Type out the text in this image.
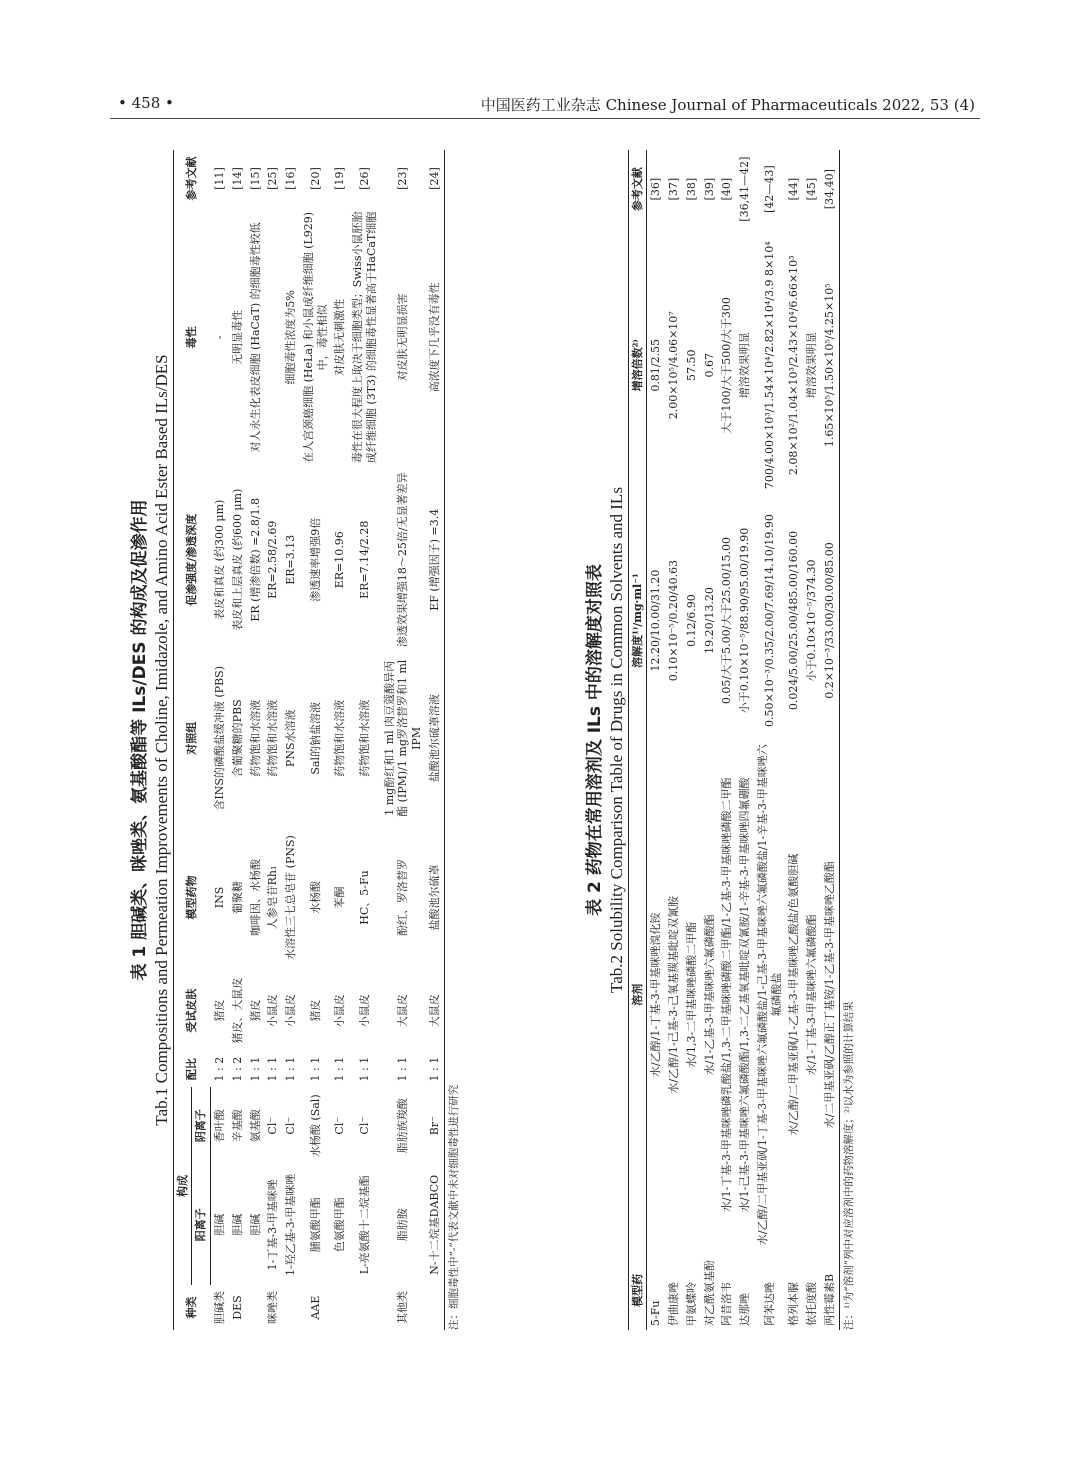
• 458 •	中国医药工业杂志 Chinese Journal of Pharmaceuticals 2022, 53 (4)

表 1 胆碱类、咪唑类、氨基酸酯等 ILs/DES 的构成及促渗作用 Tab.1 Compositions and Permeation Improvements of Choline, Imidazole, and Amino Acid Ester Based ILs/DES

种类	构成		配比	受试皮肤	模型药物	对照组	促渗强度/渗透深度	毒性	参考文献
	阳离子	阴离子							
胆碱类	胆碱	香叶酸	1 : 2	猪皮	INS	含INS的磷酸盐缓冲液 (PBS)	表皮和真皮 (约300 μm)	-	[11]
DES	胆碱	辛基酸	1 : 2	猪皮、大鼠皮	葡聚糖	含葡聚糖的PBS	表皮和上层真皮 (约600 μm)	无明显毒性	[14]
	胆碱	氨基酸	1 : 1	猪皮	咖啡因、水杨酸	药物饱和水溶液	ER (增渗倍数) =2.8/1.8	对人永生化表皮细胞 (HaCaT) 的细胞毒性较低	[15]
咪唑类	1-丁基-3-甲基咪唑	Cl⁻	1 : 1	小鼠皮	人参皂苷Rh₁	药物饱和水溶液	ER=2.58/2.69		[25]
	1-羟乙基-3-甲基咪唑	Cl⁻	1 : 1	小鼠皮	水溶性三七总皂苷 (PNS)	PNS水溶液	ER=3.13	细胞毒性浓度为5%	[16]
AAE	脯氨酸甲酯	水杨酸 (Sal)	1 : 1	猪皮	水杨酸	Sal的钠盐溶液	渗透速率增强9倍	在人宫颈癌细胞 (HeLa) 和小鼠成纤维细胞 (L929) 中，毒性相似	[20]
	色氨酸甲酯	Cl⁻	1 : 1	小鼠皮	苯酮	药物饱和水溶液	ER=10.96	对皮肤无刺激性	[19]
	L-亮氨酸十二烷基酯	Cl⁻	1 : 1	小鼠皮	HC、5-Fu	药物饱和水溶液	ER=7.14/2.28	毒性在很大程度上取决于细胞类型；Swiss小鼠胚胎成纤维细胞 (3T3) 的细胞毒性显著高于HaCaT细胞	[26]
其他类	脂肪胺	脂肪族羧酸	1 : 1	大鼠皮	酚红、罗洛替罗	1 mg酚红和1 ml 肉豆蔻酸异丙酯 (IPM)/1 mg罗洛替罗和1 ml IPM	渗透效果增强18～25倍/无显著差异	对皮肤无明显损害	[23]
	N-十二烷基DABCO	Br⁻	1 : 1	大鼠皮	盐酸池尔硫䓬	盐酸池尔硫䓬溶液	EF (增强因子) =3.4	高浓度下几乎没有毒性	[24]
注：细胞毒性中“-”代表文献中未对细胞毒性进行研究

表 2 药物在常用溶剂及 ILs 中的溶解度对照表 Tab.2 Solubility Comparison Table of Drugs in Common Solvents and ILs

模型药	溶剂	溶解度¹⁾/mg·ml⁻¹	增溶倍数²⁾	参考文献
5-Fu	水/乙醇/1-丁基-3-甲基咪唑溴化铵	12.20/10.00/31.20	0.81/2.55	[36]
伊曲康唑	水/乙醇/1-己基-3-己氧基羰基吡啶双氰胺	0.10×10⁻⁵/0.20/40.63	2.00×10⁵/4.06×10⁷	[37]
甲氨蝶呤	水/1,3-二甲基咪唑磷酸二甲酯	0.12/6.90	57.50	[38]
对乙酰氨基酚	水/1-乙基-3-甲基咪唑六氟磷酸酯	19.20/13.20	0.67	[39]
阿昔洛韦	水/1-丁基-3-甲基咪唑磷乳酸盐/1,3-二甲基咪唑磷酸二甲酯/1-乙基-3-甲基咪唑磷酸二甲酯	0.05/大于5.00/大于25.00/15.00	大于100/大于500/大于300	[40]
达那唑	水/1-己基-3-甲基咪唑六氟磷酸酯/1,3-二乙基氧基吡啶双氰胺/1-辛基-3-甲基咪唑四氟硼酸	小于0.10×10⁻⁵/88.90/95.00/19.90	增溶效果明显	[36,41—42]
阿苯达唑	水/乙醇/二甲基亚砜/1-丁基-3-甲基咪唑六氟磷酸盐/1-己基-3-甲基咪唑六氟磷酸盐/1-辛基-3-甲基咪唑六氟磷酸盐	0.50×10⁻³/0.35/2.00/7.69/14.10/19.90	700/4.00×10³/1.54×10⁴/2.82×10⁴/3.9 8×10⁴	[42—43]
格列本脲	水/乙醇/二甲基亚砜/1-乙基-3-甲基咪唑乙酸盐/色氨酸胆碱	0.024/5.00/25.00/485.00/160.00	2.08×10²/1.04×10³/2.43×10⁴/6.66×10³	[44]
依托度酸	水/1-丁基-3-甲基咪唑六氟磷酸酯	小于0.10×10⁻⁵/374.30	增溶效果明显	[45]
两性霉素B	水/二甲基亚砜/乙醇正丁基铵/1-乙基-3-甲基咪唑乙酸酯	0.2×10⁻³/33.00/30.00/85.00	1.65×10⁵/1.50×10⁵/4.25×10⁵	[34,40]
注：¹⁾为“溶剂”列中对应溶剂中的药物溶解度；²⁾以水为参照的计算结果
